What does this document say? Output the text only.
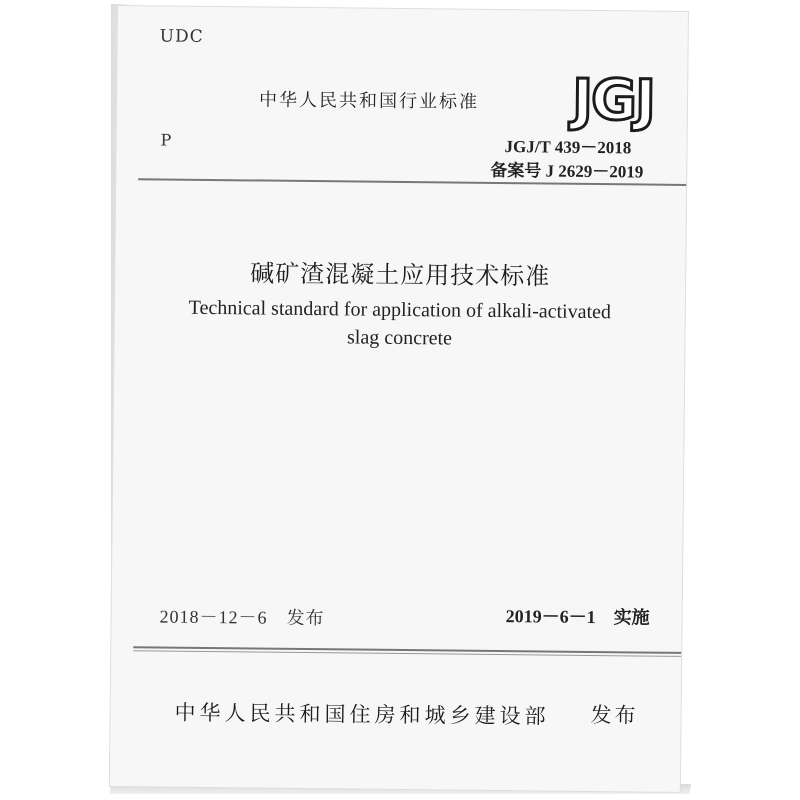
UDC
中华人民共和国行业标准 JGJ
P	JGJ/T 439－2018
备案号 J 2629－2019
碱矿渣混凝土应用技术标准
Technical standard for application of alkali-activated
slag concrete
2018－12－6　发布	2019－6－1　实施
中华人民共和国住房和城乡建设部 发布
